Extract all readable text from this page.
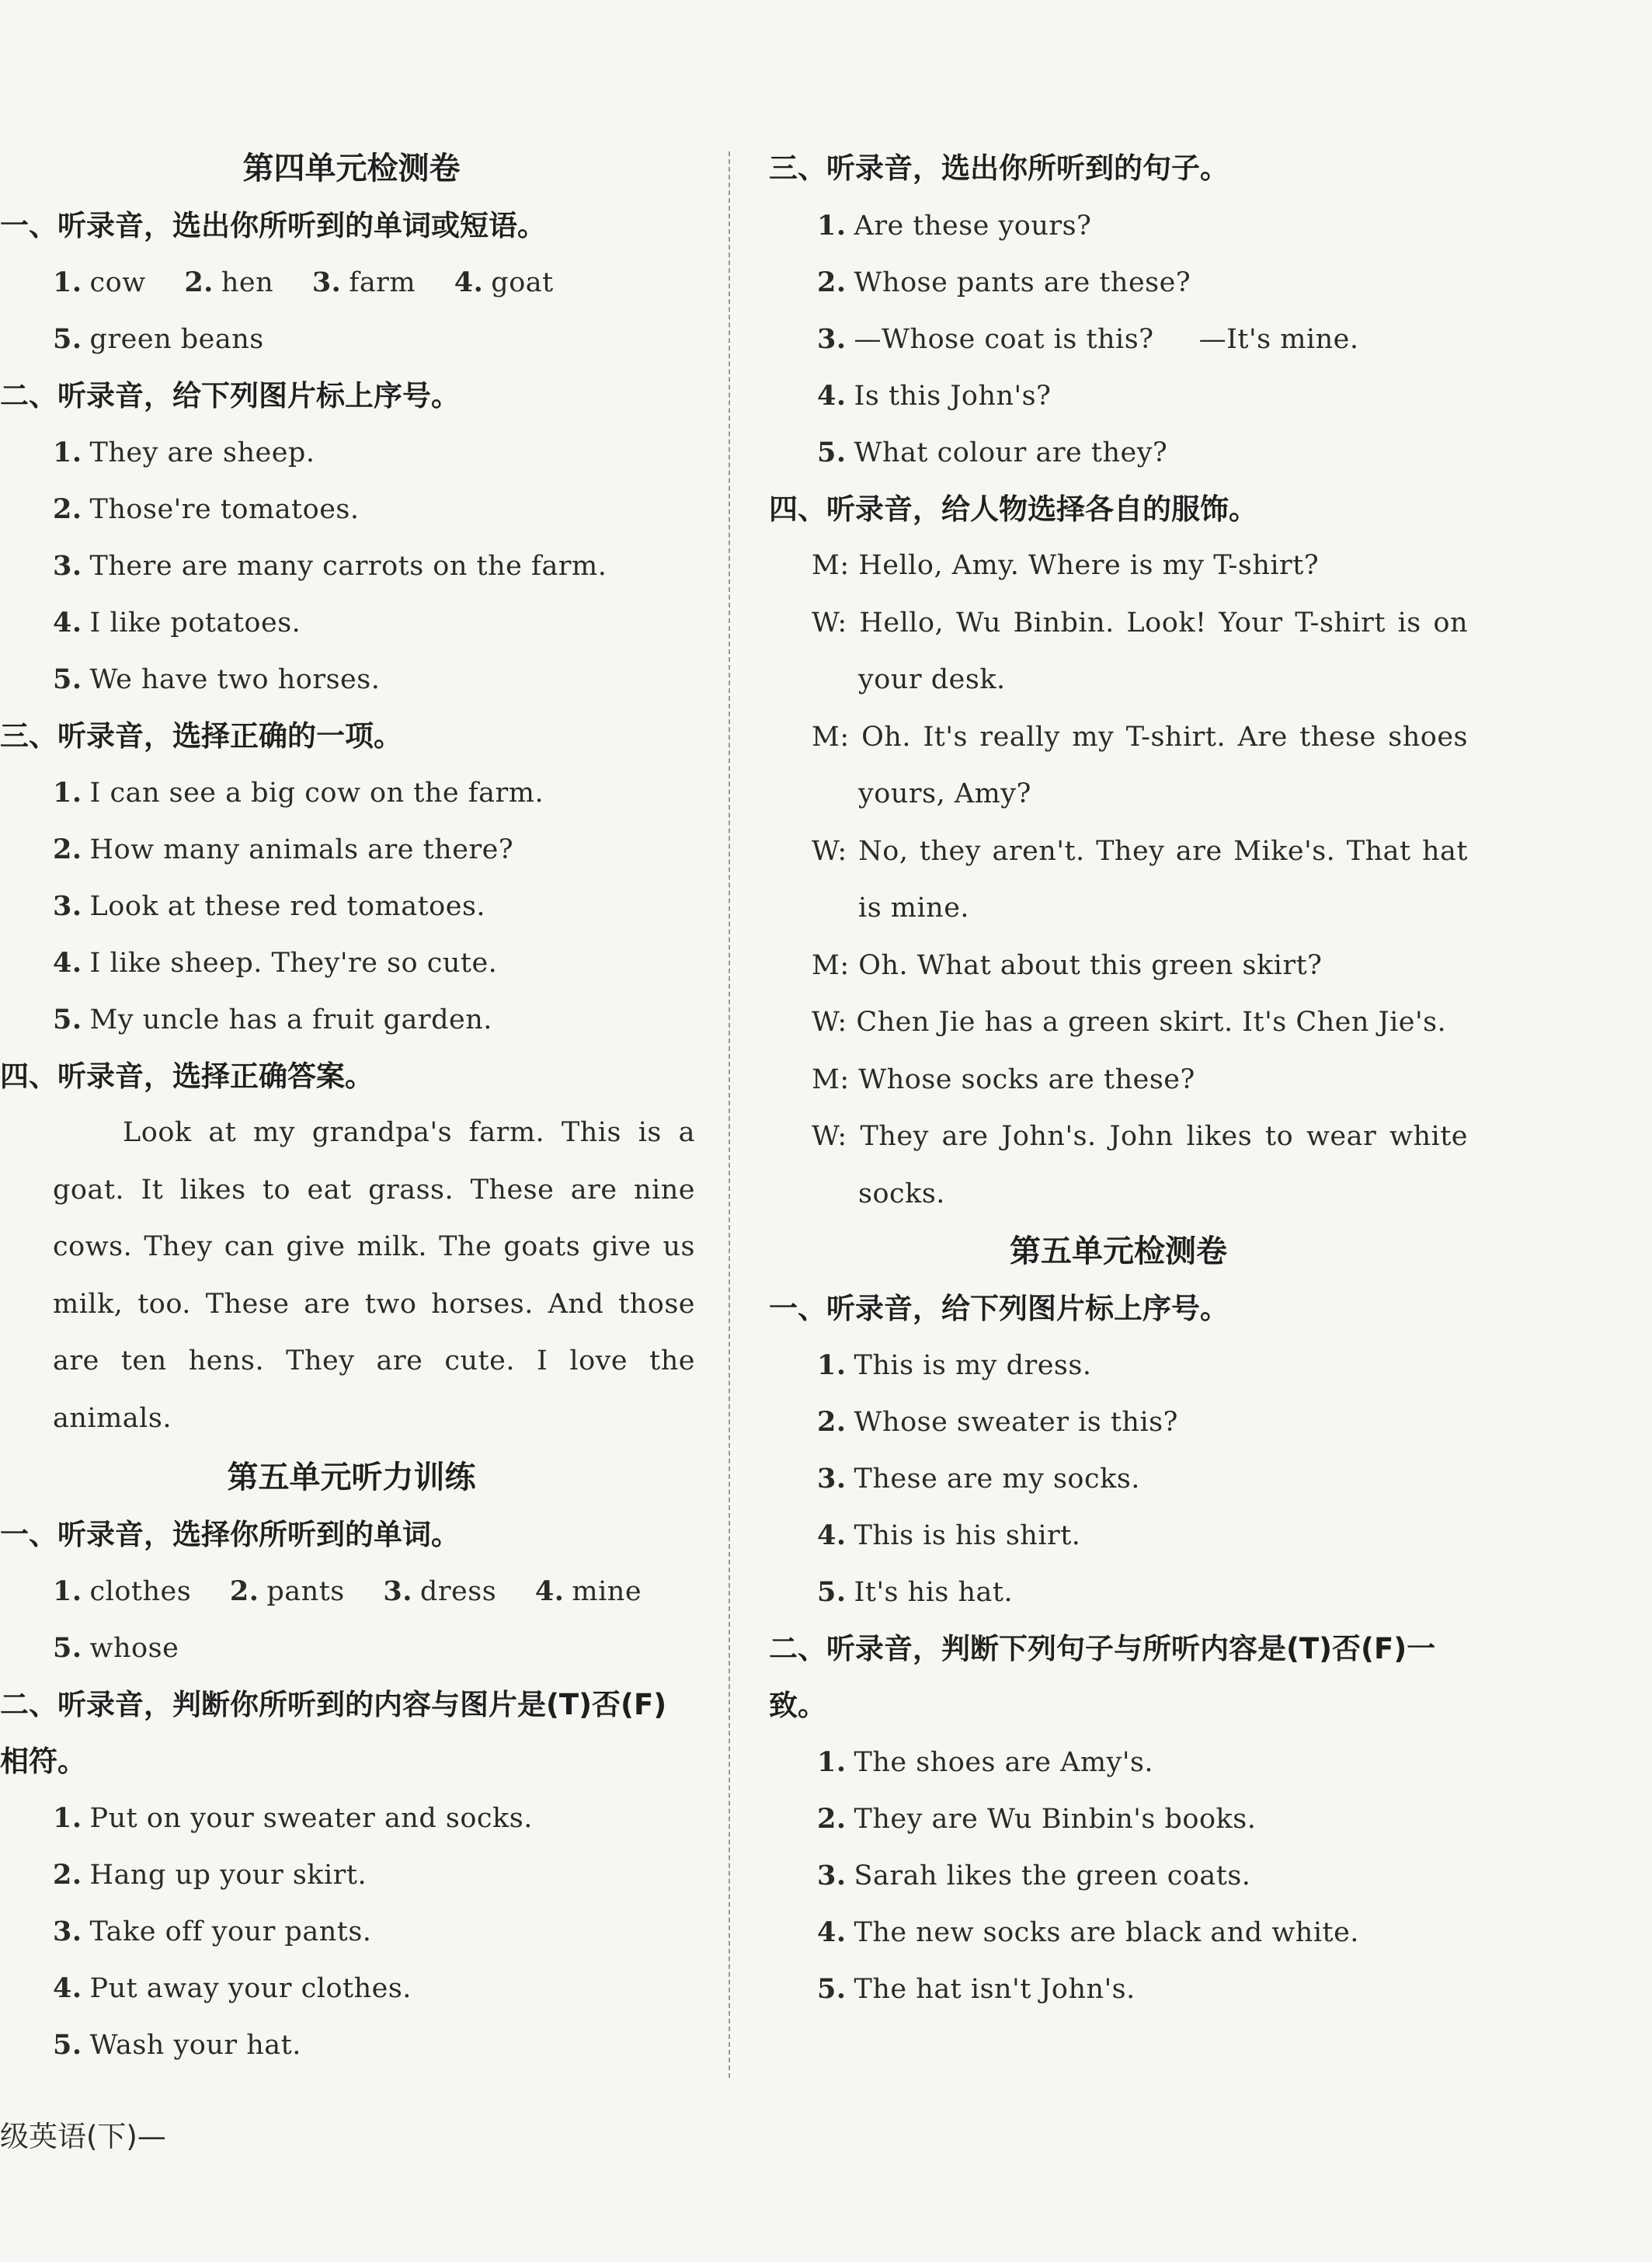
第四单元检测卷
一、听录音，选出你所听到的单词或短语。
1. cow 2. hen 3. farm 4. goat
5. green beans
二、听录音，给下列图片标上序号。
1. They are sheep.
2. Those're tomatoes.
3. There are many carrots on the farm.
4. I like potatoes.
5. We have two horses.
三、听录音，选择正确的一项。
1. I can see a big cow on the farm.
2. How many animals are there?
3. Look at these red tomatoes.
4. I like sheep. They're so cute.
5. My uncle has a fruit garden.
四、听录音，选择正确答案。
Look at my grandpa's farm. This is a goat. It likes to eat grass. These are nine cows. They can give milk. The goats give us milk, too. These are two horses. And those are ten hens. They are cute. I love the animals.
第五单元听力训练
一、听录音，选择你所听到的单词。
1. clothes 2. pants 3. dress 4. mine
5. whose
二、听录音，判断你所听到的内容与图片是(T)否(F)相符。
1. Put on your sweater and socks.
2. Hang up your skirt.
3. Take off your pants.
4. Put away your clothes.
5. Wash your hat.
三、听录音，选出你所听到的句子。
1. Are these yours?
2. Whose pants are these?
3. —Whose coat is this?     —It's mine.
4. Is this John's?
5. What colour are they?
四、听录音，给人物选择各自的服饰。
M: Hello, Amy. Where is my T-shirt?
W: Hello, Wu Binbin. Look! Your T-shirt is on your desk.
M: Oh. It's really my T-shirt. Are these shoes yours, Amy?
W: No, they aren't. They are Mike's. That hat is mine.
M: Oh. What about this green skirt?
W: Chen Jie has a green skirt. It's Chen Jie's.
M: Whose socks are these?
W: They are John's. John likes to wear white socks.
第五单元检测卷
一、听录音，给下列图片标上序号。
1. This is my dress.
2. Whose sweater is this?
3. These are my socks.
4. This is his shirt.
5. It's his hat.
二、听录音，判断下列句子与所听内容是(T)否(F)一致。
1. The shoes are Amy's.
2. They are Wu Binbin's books.
3. Sarah likes the green coats.
4. The new socks are black and white.
5. The hat isn't John's.
级英语(下)—
